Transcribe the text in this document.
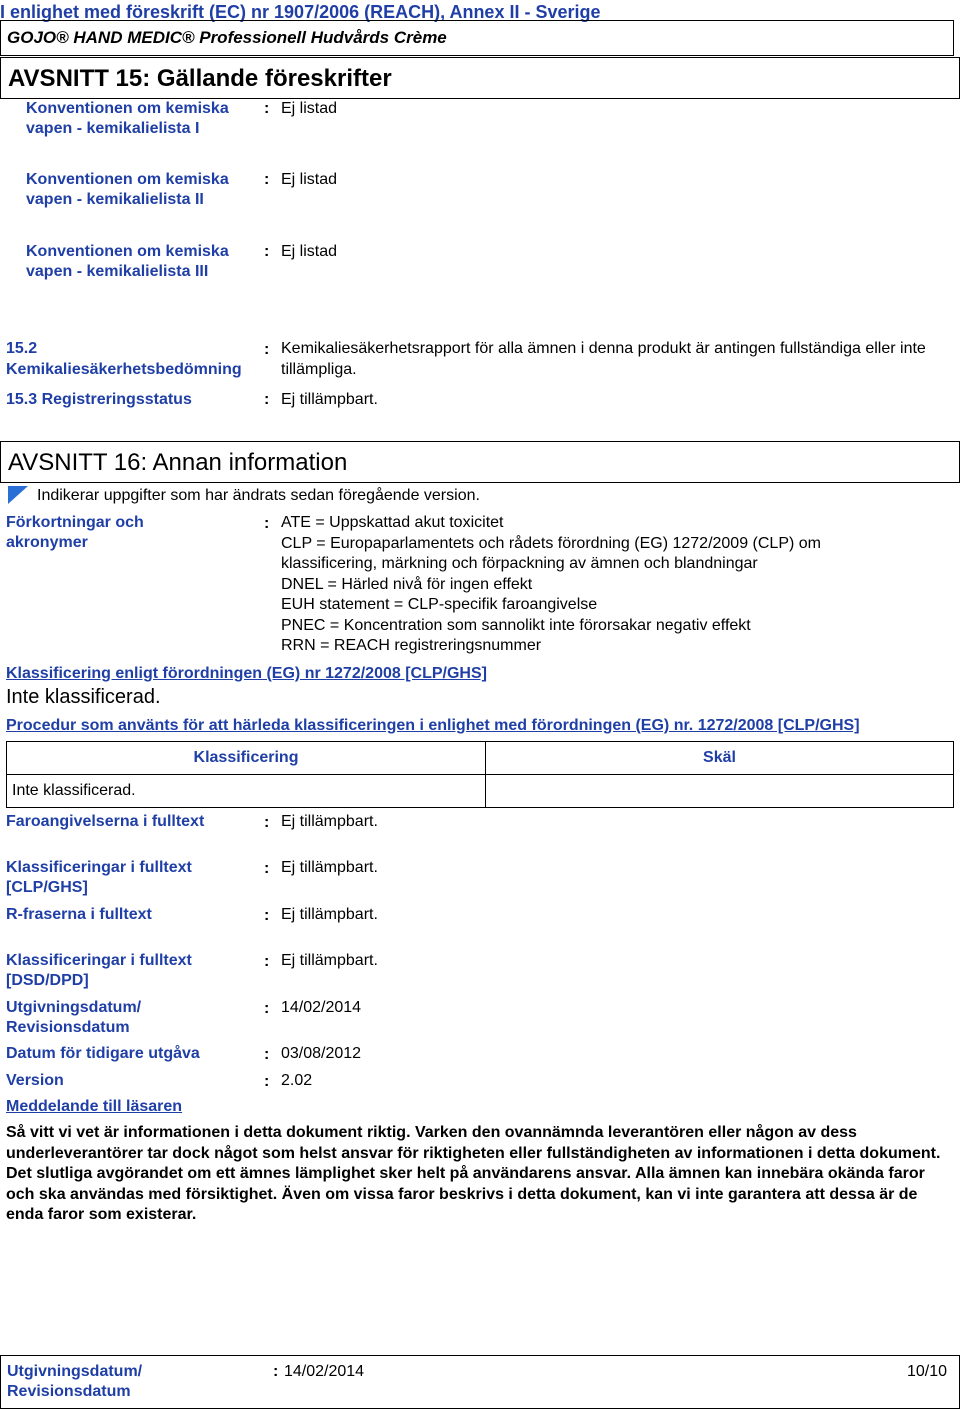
I enlighet med föreskrift (EC) nr 1907/2006 (REACH), Annex II - Sverige
GOJO® HAND MEDIC® Professionell Hudvårds Crème
AVSNITT 15: Gällande föreskrifter
Konventionen om kemiska vapen - kemikalielista I
: Ej listad
Konventionen om kemiska vapen - kemikalielista II
: Ej listad
Konventionen om kemiska vapen - kemikalielista III
: Ej listad
15.2
Kemikaliesäkerhetsbedömning
: Kemikaliesäkerhetsrapport för alla ämnen i denna produkt är antingen fullständiga eller inte tillämpliga.
15.3 Registreringsstatus	: Ej tillämpbart.
AVSNITT 16: Annan information
Indikerar uppgifter som har ändrats sedan föregående version.
Förkortningar och akronymer
: ATE = Uppskattad akut toxicitet
CLP = Europaparlamentets och rådets förordning (EG) 1272/2009 (CLP) om
klassificering, märkning och förpackning av ämnen och blandningar
DNEL = Härled nivå för ingen effekt
EUH statement = CLP-specifik faroangivelse
PNEC = Koncentration som sannolikt inte förorsakar negativ effekt
RRN = REACH registreringsnummer
Klassificering enligt förordningen (EG) nr 1272/2008 [CLP/GHS]
Inte klassificerad.
Procedur som använts för att härleda klassificeringen i enlighet med förordningen (EG) nr. 1272/2008 [CLP/GHS]
Klassificering	Skäl
Inte klassificerad.	
Faroangivelserna i fulltext	: Ej tillämpbart.
Klassificeringar i fulltext [CLP/GHS]
: Ej tillämpbart.
R-fraserna i fulltext	: Ej tillämpbart.
Klassificeringar i fulltext [DSD/DPD]
: Ej tillämpbart.
Utgivningsdatum/ Revisionsdatum
: 14/02/2014
Datum för tidigare utgåva	: 03/08/2012
Version	: 2.02
Meddelande till läsaren
Så vitt vi vet är informationen i detta dokument riktig. Varken den ovannämnda leverantören eller någon av dess underleverantörer tar dock något som helst ansvar för riktigheten eller fullständigheten av informationen i detta dokument. Det slutliga avgörandet om ett ämnes lämplighet sker helt på användarens ansvar. Alla ämnen kan innebära okända faror och ska användas med försiktighet. Även om vissa faror beskrivs i detta dokument, kan vi inte garantera att dessa är de enda faror som existerar.
Utgivningsdatum/ Revisionsdatum
: 14/02/2014	10/10
